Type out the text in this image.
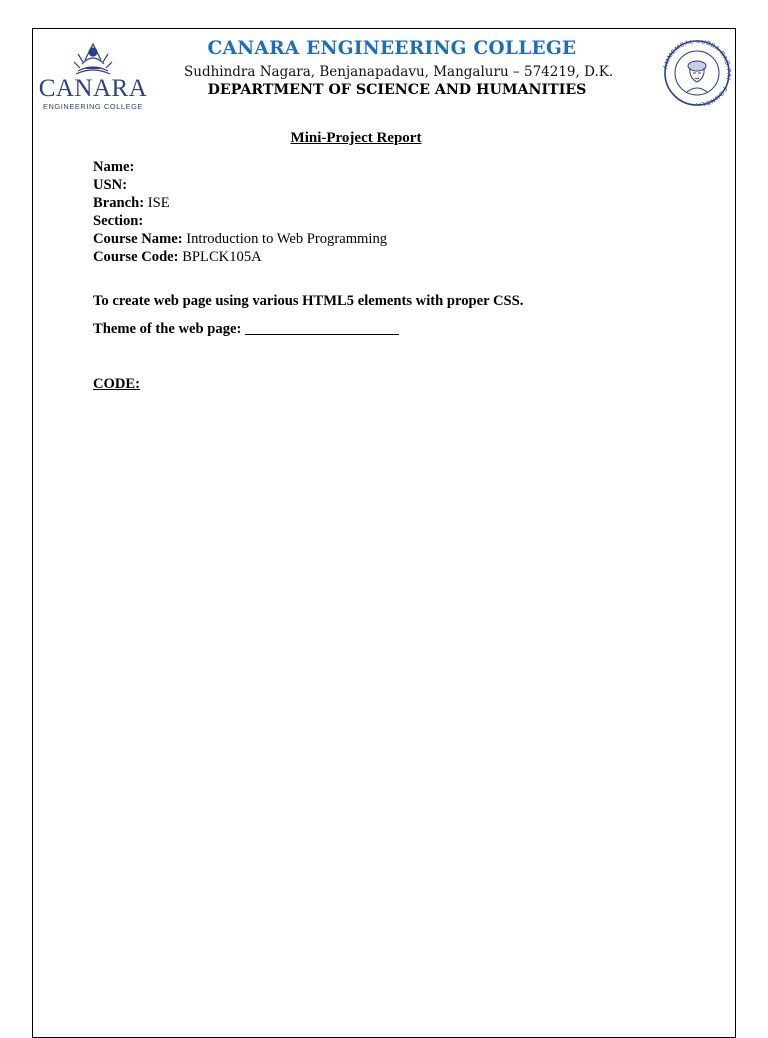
CANARA
ENGINEERING COLLEGE
CANARA ENGINEERING COLLEGE
Sudhindra Nagara, Benjanapadavu, Mangaluru – 574219, D.K.
DEPARTMENT OF SCIENCE AND HUMANITIES
AMMEMBAL SUBBA RAO PAI · FOUNDER ·
Mini-Project Report
Name:
USN:
Branch: ISE
Section:
Course Name: Introduction to Web Programming
Course Code: BPLCK105A
To create web page using various HTML5 elements with proper CSS.
Theme of the web page:
CODE:
